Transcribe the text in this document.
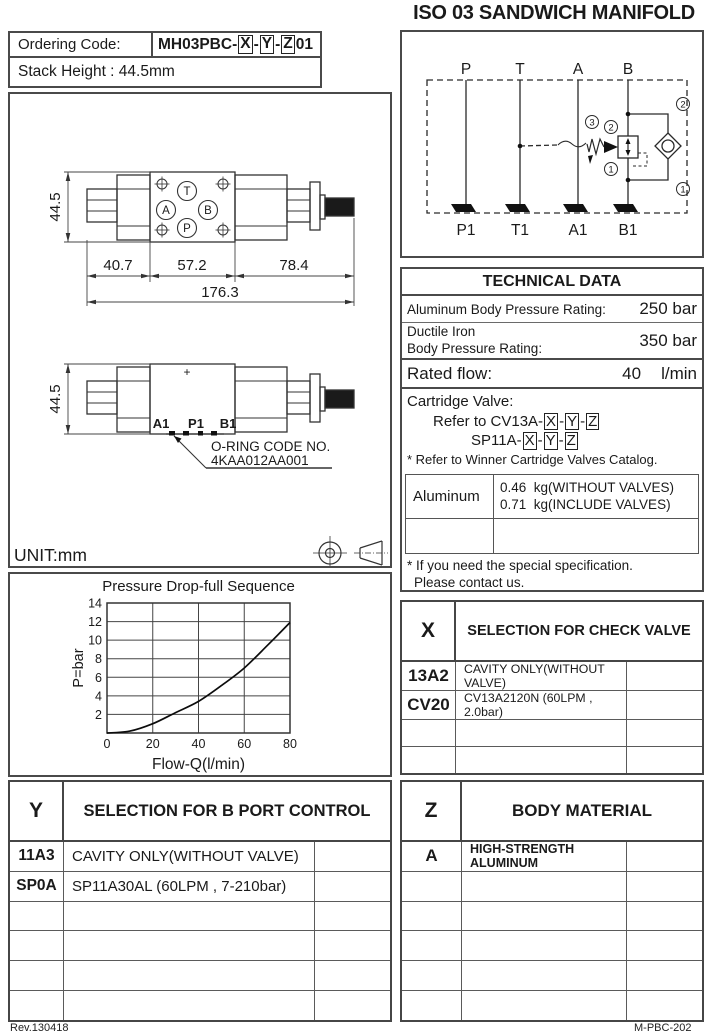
ISO 03 SANDWICH MANIFOLD
Ordering Code:	MH03PBC- X - Y - Z 01
Stack Height : 44.5mm
2
1
2
1
3
P	T	A	B
P1 T1	A1 B1
T
A	B
P
44.5
40.7	57.2	78.4
176.3
44.5
+
A1 P1 B1
O-RING CODE NO.
4KAA012AA001
UNIT:mm
0	20	40	60	80
2
4
6
8
10
12
14
Pressure Drop-full Sequence
Flow-Q(l/min)
P=bar
TECHNICAL DATA
Aluminum Body Pressure Rating:	250 bar
Ductile Iron
Body Pressure Rating:	350 bar
Rated flow:	40 l/min
Cartridge Valve:
Refer to CV13A- X - Y - Z
SP11A- X - Y - Z
* Refer to Winner Cartridge Valves Catalog.
Aluminum
0.46  kg(WITHOUT VALVES)
0.71  kg(INCLUDE VALVES)
* If you need the special specification.
Please contact us.
X	SELECTION FOR CHECK VALVE
13A2	CAVITY ONLY(WITHOUT VALVE)
CV20	CV13A2120N (60LPM , 2.0bar)
Y	SELECTION FOR B PORT CONTROL
11A3	CAVITY ONLY(WITHOUT VALVE)
SP0A	SP11A30AL (60LPM , 7-210bar)
Z	BODY MATERIAL
A	HIGH-STRENGTH ALUMINUM
Rev.130418	M-PBC-202
